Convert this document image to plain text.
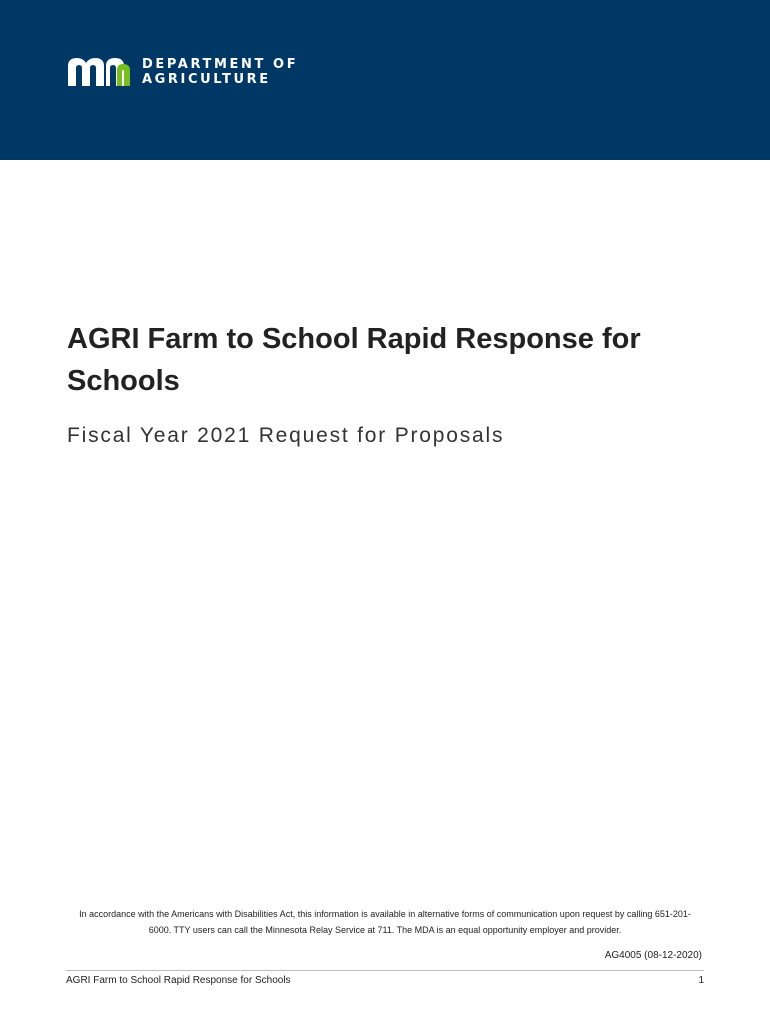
DEPARTMENT OF
AGRICULTURE
AGRI Farm to School Rapid Response for Schools
Fiscal Year 2021 Request for Proposals

In accordance with the Americans with Disabilities Act, this information is available in alternative forms of communication upon request by calling 651-201-6000. TTY users can call the Minnesota Relay Service at 711. The MDA is an equal opportunity employer and provider.

AG4005 (08-12-2020)

AGRI Farm to School Rapid Response for Schools	1
